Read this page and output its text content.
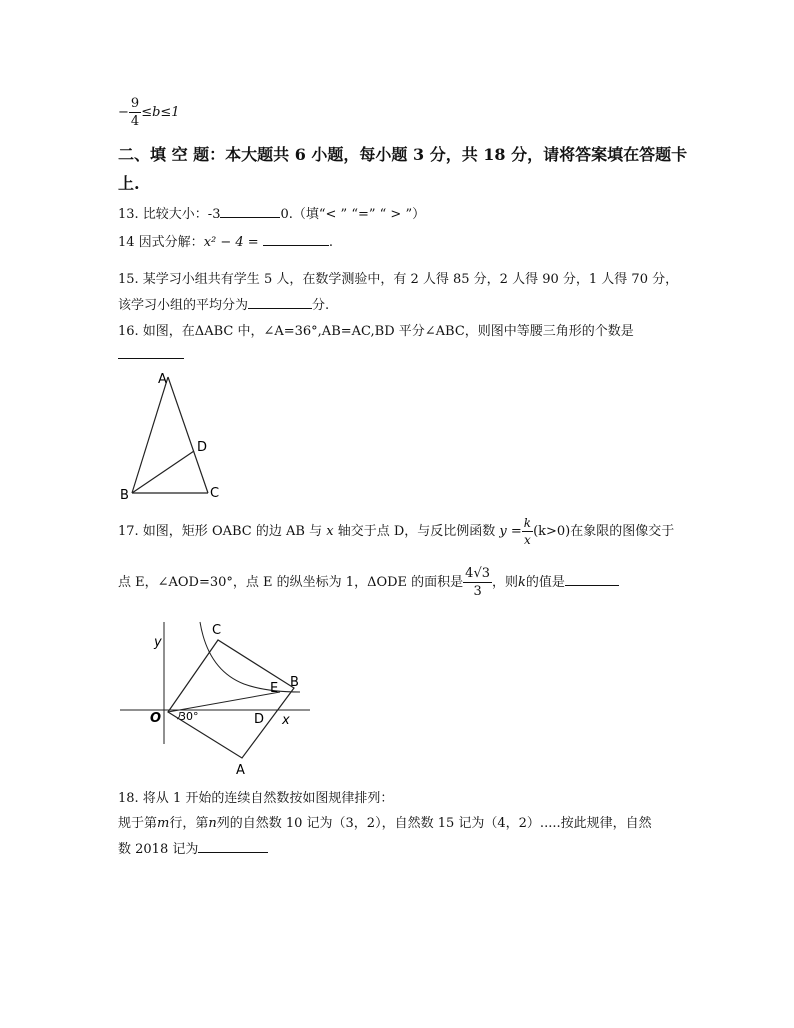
− $\frac{9}{4} \le b\le 1$
二、填 空 题：本大题共 6 小题，每小题 3 分，共 18 分，请将答案填在答题卡
上.
13. 比较大小：-3	0.（填“< ” “=” “ > ”）
14 因式分解：x² − 4 =	.
15. 某学习小组共有学生 5 人，在数学测验中，有 2 人得 85 分，2 人得 90 分，1 人得 70 分，
该学习小组的平均分为	分.
16. 如图，在ΔABC 中，∠A=36°,AB=AC,BD 平分∠ABC，则图中等腰三角形的个数是
A
D
B	C
17. 如图，矩形 OABC 的边 AB 与 x 轴交于点 D，与反比例函数 $y = \frac{k}{x} (k>0)$在象限的图像交于
点 E，∠AOD=30°，点 E 的纵坐标为 1，ΔODE 的面积是 $\frac{4√3}{3}$ ，则k的值是
y
x
O 30°	D
A
B
C
E
18. 将从 1 开始的连续自然数按如图规律排列：
规于第m行，第n列的自然数 10 记为（3，2），自然数 15 记为（4，2）.....按此规律，自然
数 2018 记为
